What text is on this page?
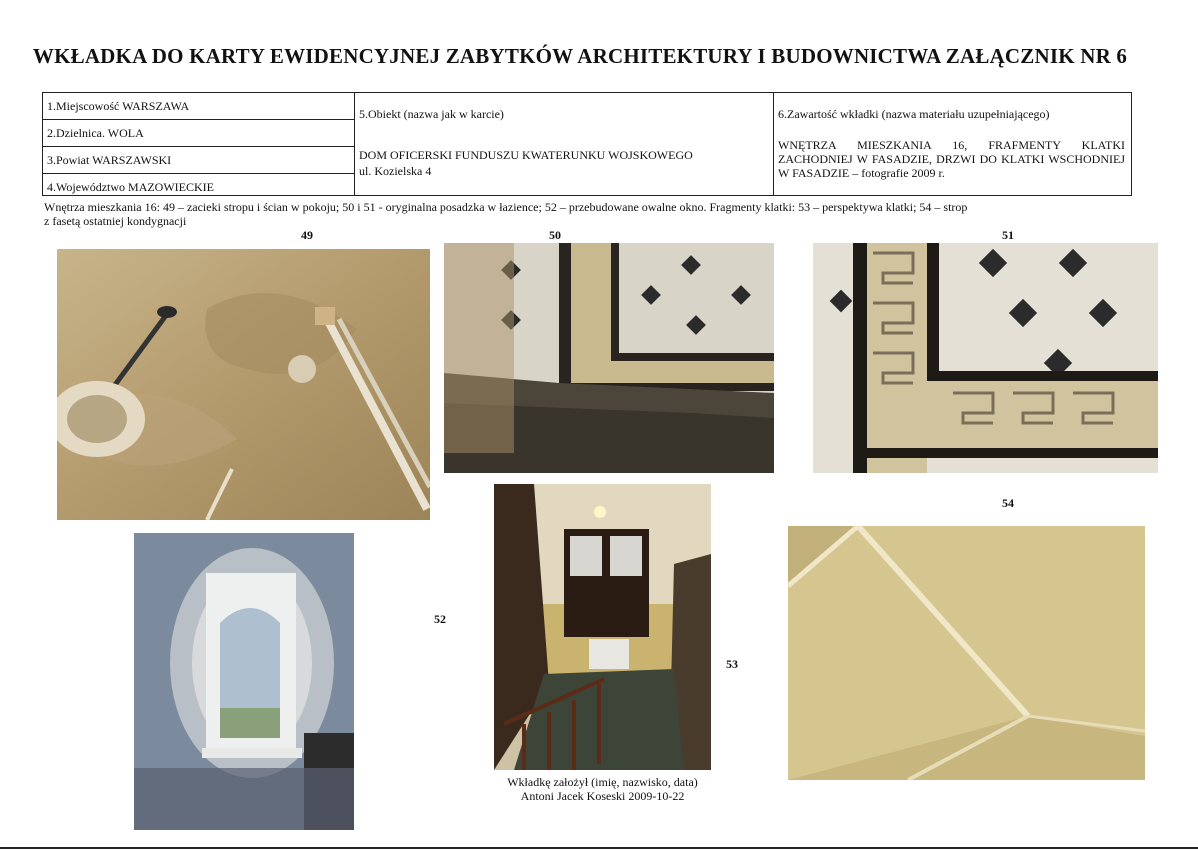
WKŁADKA DO KARTY EWIDENCYJNEJ ZABYTKÓW ARCHITEKTURY I BUDOWNICTWA ZAŁĄCZNIK NR 6
1.Miejscowość WARSZAWA
2.Dzielnica. WOLA
3.Powiat WARSZAWSKI
4.Województwo MAZOWIECKIE

5.Obiekt (nazwa jak w karcie)

DOM OFICERSKI FUNDUSZU KWATERUNKU WOJSKOWEGO

ul. Kozielska 4

6.Zawartość wkładki (nazwa materiału uzupełniającego)

WNĘTRZA MIESZKANIA 16, FRAFMENTY KLATKI ZACHODNIEJ W FASADZIE, DRZWI DO KLATKI WSCHODNIEJ W FASADZIE – fotografie 2009 r.

Wnętrza mieszkania 16: 49 – zacieki stropu i ścian w pokoju; 50 i 51 - oryginalna posadzka w łazience; 52 – przebudowane owalne okno. Fragmenty klatki: 53 – perspektywa klatki; 54 – strop
z fasetą ostatniej kondygnacji
49	50	51
52
53
54
Wkładkę założył (imię, nazwisko, data)
Antoni Jacek Koseski 2009-10-22
